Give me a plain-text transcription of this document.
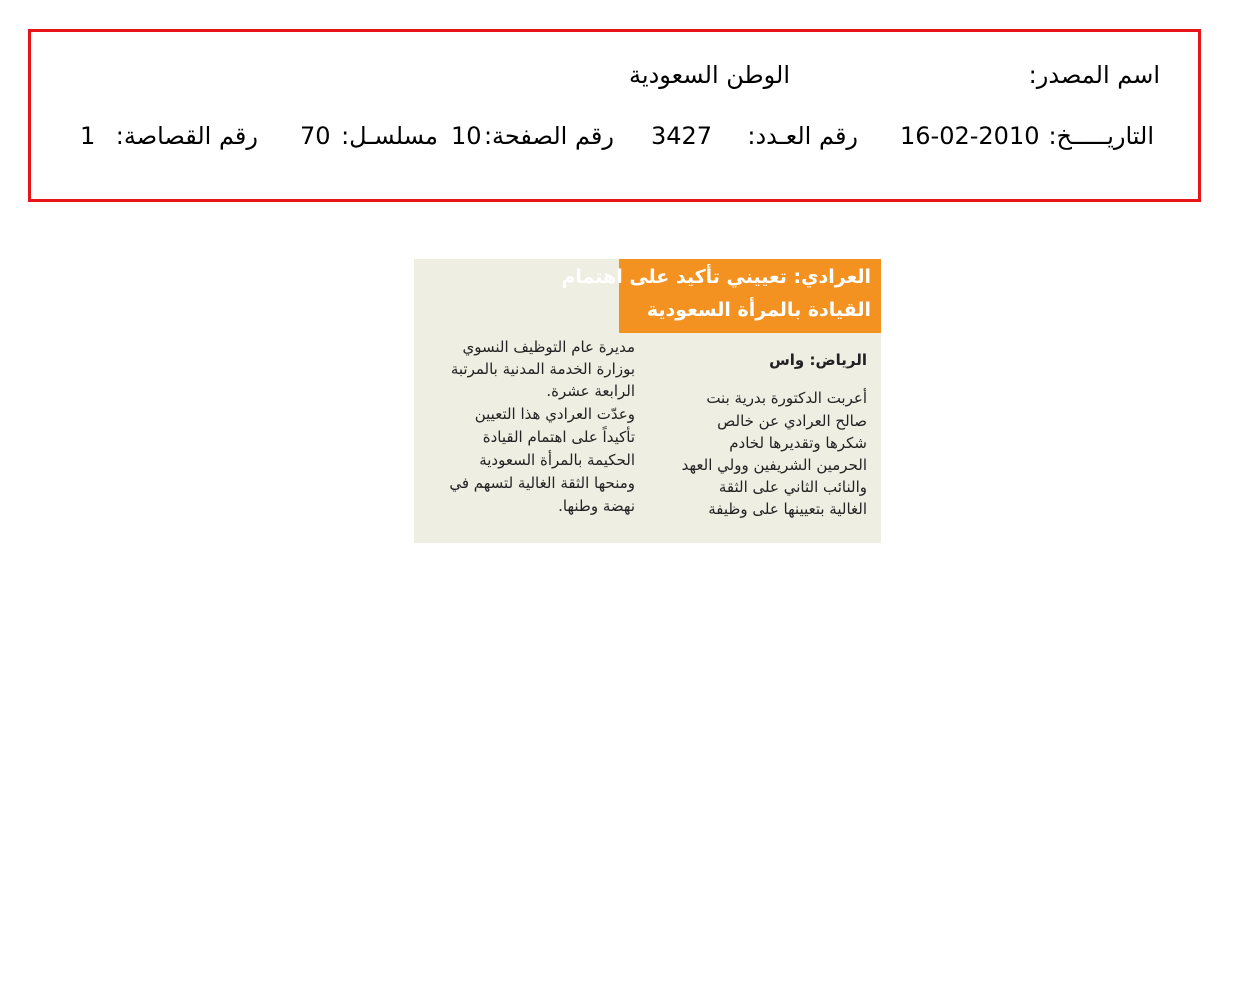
اسم المصدر:
الوطن السعودية
التاريـــــخ:
16-02-2010
رقم العـدد:
3427
رقم الصفحة:
10
مسلسـل:
70
رقم القصاصة:
1
العرادي: تعييني تأكيد على اهتمام
القيادة بالمرأة السعودية
الرياض: واس
أعربت الدكتورة بدرية بنت
صالح العرادي عن خالص
شكرها وتقديرها لخادم
الحرمين الشريفين وولي العهد
والنائب الثاني على الثقة
الغالية بتعيينها على وظيفة
مديرة عام التوظيف النسوي
بوزارة الخدمة المدنية بالمرتبة
الرابعة عشرة.
وعدّت العرادي هذا التعيين
تأكيداً على اهتمام القيادة
الحكيمة بالمرأة السعودية
ومنحها الثقة الغالية لتسهم في
نهضة وطنها.
